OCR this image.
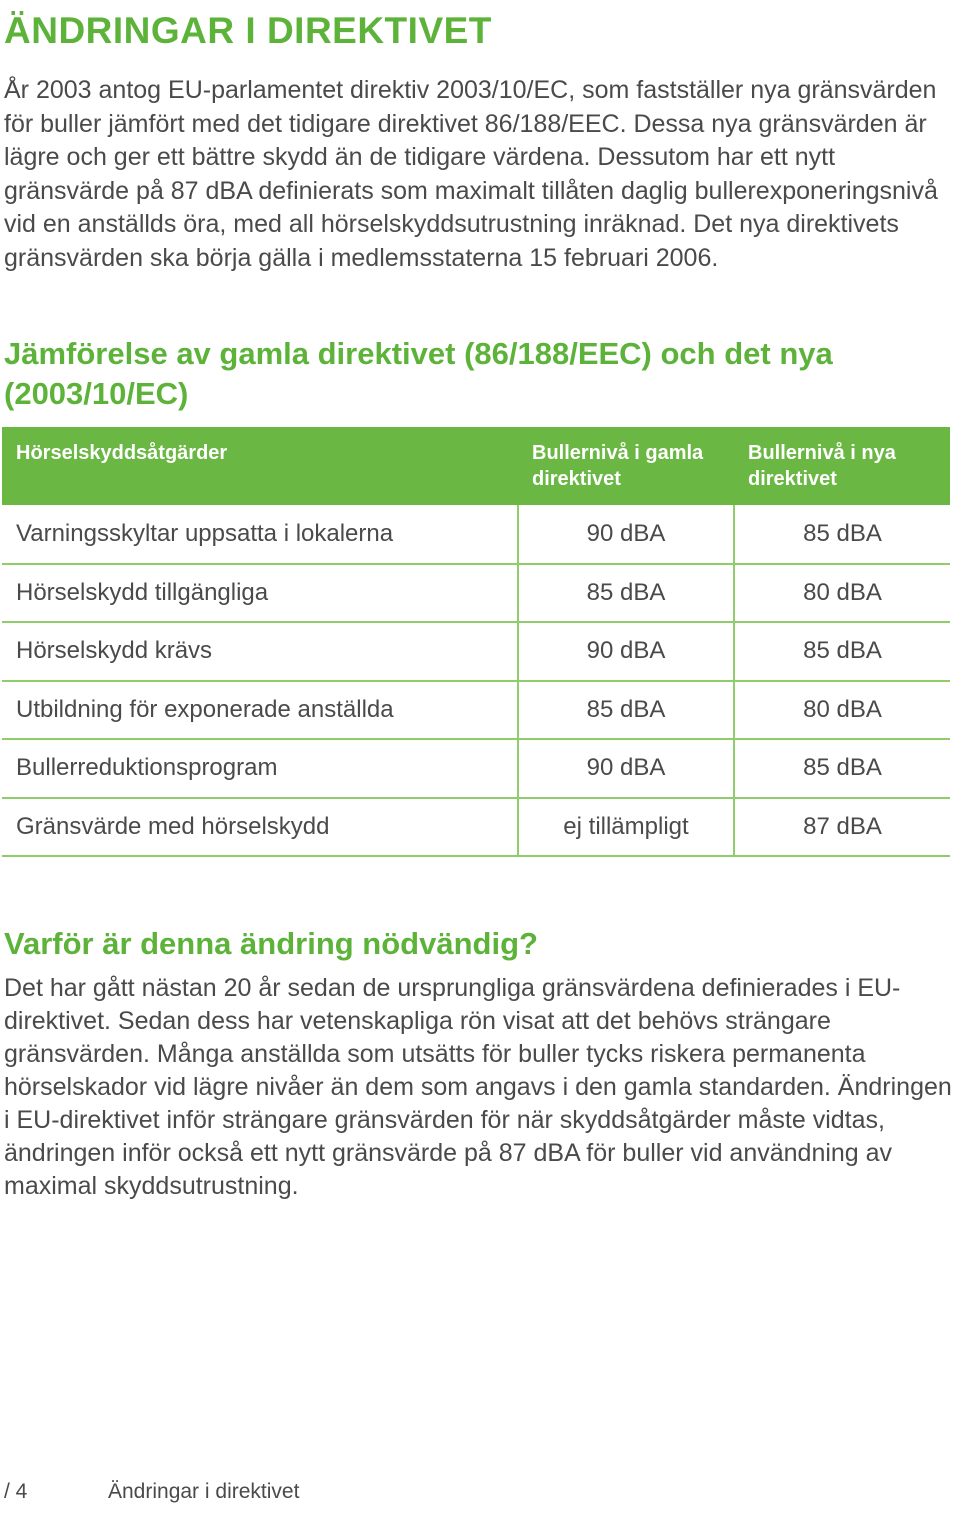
ÄNDRINGAR I DIREKTIVET

År 2003 antog EU-parlamentet direktiv 2003/10/EC, som fastställer nya gränsvärden för buller jämfört med det tidigare direktivet 86/188/EEC. Dessa nya gränsvärden är lägre och ger ett bättre skydd än de tidigare värdena. Dessutom har ett nytt gränsvärde på 87 dBA definierats som maximalt tillåten daglig bullerexponeringsnivå vid en anställds öra, med all hörselskyddsutrustning inräknad. Det nya direktivets gränsvärden ska börja gälla i medlemsstaterna 15 februari 2006.

Jämförelse av gamla direktivet (86/188/EEC) och det nya (2003/10/EC)
Hörselskyddsåtgärder	Bullernivå i gamla direktivet	Bullernivå i nya direktivet
Varningsskyltar uppsatta i lokalerna	90 dBA	85 dBA
Hörselskydd tillgängliga	85 dBA	80 dBA
Hörselskydd krävs	90 dBA	85 dBA
Utbildning för exponerade anställda	85 dBA	80 dBA
Bullerreduktionsprogram	90 dBA	85 dBA
Gränsvärde med hörselskydd	ej tillämpligt	87 dBA
Varför är denna ändring nödvändig?

Det har gått nästan 20 år sedan de ursprungliga gränsvärdena definierades i EU-direktivet. Sedan dess har vetenskapliga rön visat att det behövs strängare gränsvärden. Många anställda som utsätts för buller tycks riskera permanenta hörselskador vid lägre nivåer än dem som angavs i den gamla standarden. Ändringen i EU-direktivet inför strängare gränsvärden för när skyddsåtgärder måste vidtas, ändringen inför också ett nytt gränsvärde på 87 dBA för buller vid användning av maximal skyddsutrustning.

/ 4	Ändringar i direktivet
